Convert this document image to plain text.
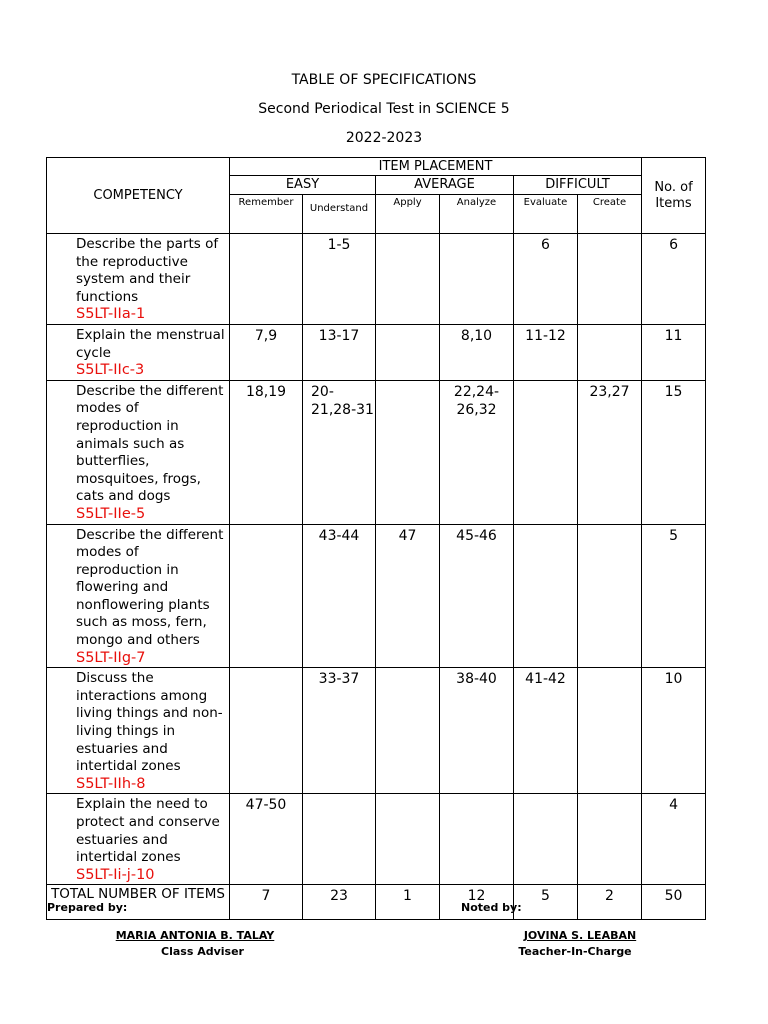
TABLE OF SPECIFICATIONS
Second Periodical Test in SCIENCE 5
2022-2023
COMPETENCY	ITEM PLACEMENT						No. of
Items
	EASY		AVERAGE		DIFFICULT		
	Remember	Understand	Apply	Analyze	Evaluate	Create	
Describe the parts of the reproductive system and their functions
S5LT-IIa-1		1-5			6		6
Explain the menstrual cycle
S5LT-IIc-3	7,9	13-17		8,10	11-12		11
Describe the different modes of reproduction in animals such as butterflies, mosquitoes, frogs, cats and dogs
S5LT-IIe-5	18,19	20-21,28-31		22,24-26,32		23,27	15
Describe the different modes of reproduction in flowering and nonflowering plants such as moss, fern, mongo and others
S5LT-IIg-7		43-44	47	45-46			5
Discuss the interactions among living things and non-living things in estuaries and intertidal zones
S5LT-IIh-8		33-37		38-40	41-42		10
Explain the need to protect and conserve estuaries and intertidal zones
S5LT-Ii-j-10	47-50						4
TOTAL NUMBER OF ITEMS	7	23	1	12	5	2	50
Prepared by:	Noted by:
MARIA ANTONIA B. TALAY
Class Adviser
JOVINA S. LEABAN
Teacher-In-Charge
